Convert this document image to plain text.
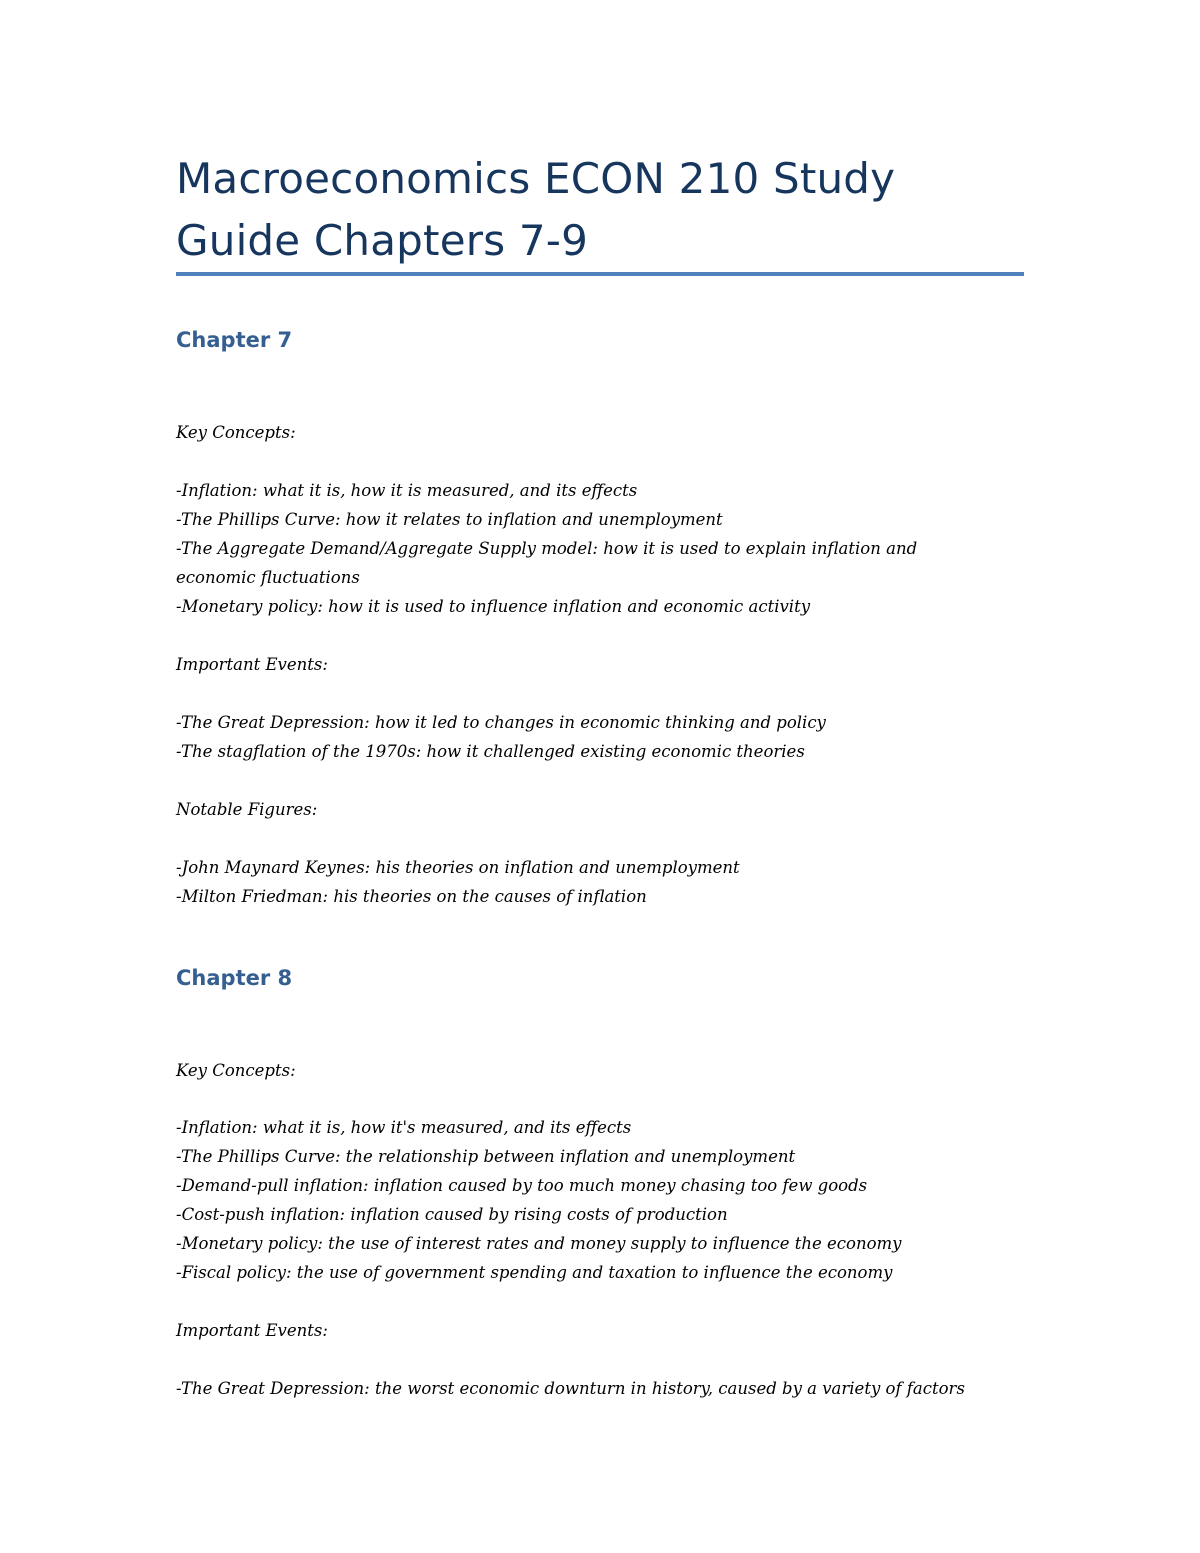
Macroeconomics ECON 210 Study
Guide Chapters 7-9
Chapter 7

Key Concepts:

-Inflation: what it is, how it is measured, and its effects

-The Phillips Curve: how it relates to inflation and unemployment

-The Aggregate Demand/Aggregate Supply model: how it is used to explain inflation and

economic fluctuations

-Monetary policy: how it is used to influence inflation and economic activity

Important Events:

-The Great Depression: how it led to changes in economic thinking and policy

-The stagflation of the 1970s: how it challenged existing economic theories

Notable Figures:

-John Maynard Keynes: his theories on inflation and unemployment

-Milton Friedman: his theories on the causes of inflation

Chapter 8

Key Concepts:

-Inflation: what it is, how it's measured, and its effects

-The Phillips Curve: the relationship between inflation and unemployment

-Demand-pull inflation: inflation caused by too much money chasing too few goods

-Cost-push inflation: inflation caused by rising costs of production

-Monetary policy: the use of interest rates and money supply to influence the economy

-Fiscal policy: the use of government spending and taxation to influence the economy

Important Events:

-The Great Depression: the worst economic downturn in history, caused by a variety of factors
